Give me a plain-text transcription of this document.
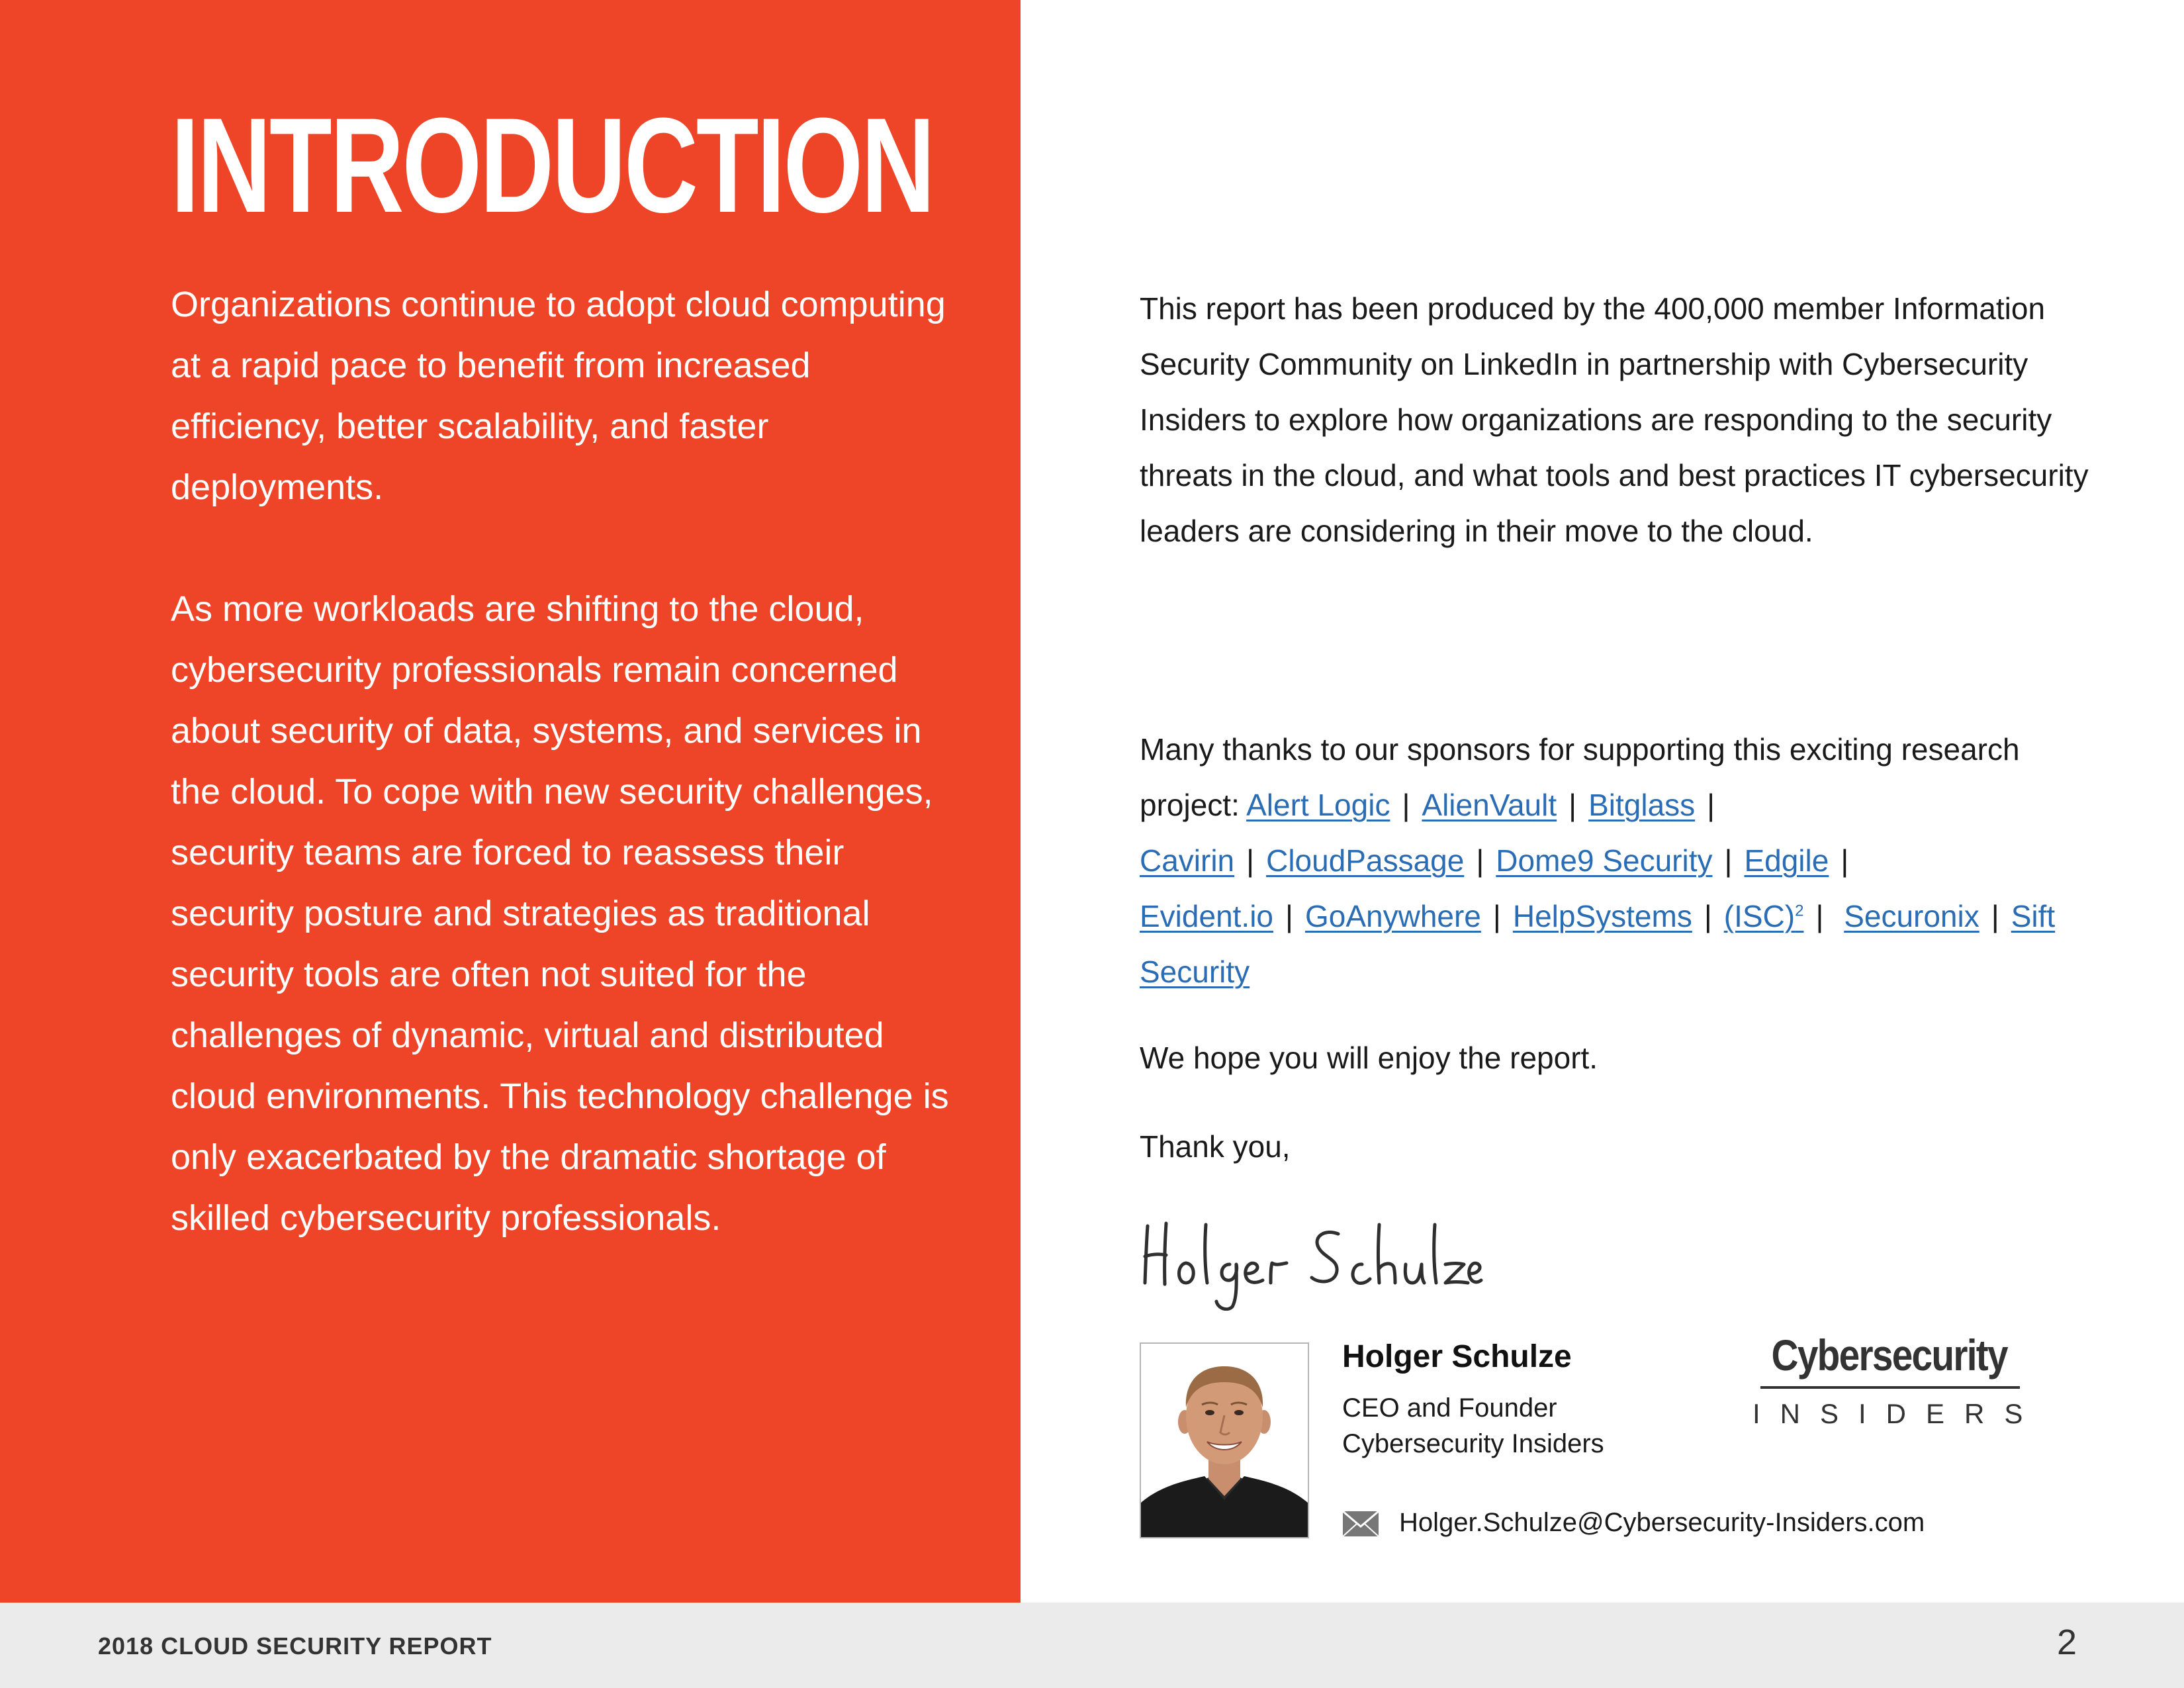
INTRODUCTION

Organizations continue to adopt cloud computing at a rapid pace to benefit from increased efficiency, better scalability, and faster deployments.

As more workloads are shifting to the cloud, cybersecurity professionals remain concerned about security of data, systems, and services in the cloud. To cope with new security challenges, security teams are forced to reassess their security posture and strategies as traditional security tools are often not suited for the challenges of dynamic, virtual and distributed cloud environments. This technology challenge is only exacerbated by the dramatic shortage of skilled cybersecurity professionals.

This report has been produced by the 400,000 member Information Security Community on LinkedIn in partnership with Cybersecurity Insiders to explore how organizations are responding to the security threats in the cloud, and what tools and best practices IT cybersecurity leaders are considering in their move to the cloud.

Many thanks to our sponsors for supporting this exciting research project: Alert Logic | AlienVault | Bitglass | Cavirin | CloudPassage | Dome9 Security | Edgile | Evident.io | GoAnywhere | HelpSystems | (ISC)$^2$ | Securonix | Sift Security

We hope you will enjoy the report.

Thank you,

Holger Schulze
CEO and Founder
Cybersecurity Insiders
Cybersecurity
INSIDERS
Holger.Schulze@Cybersecurity-Insiders.com
2018 CLOUD SECURITY REPORT	2
